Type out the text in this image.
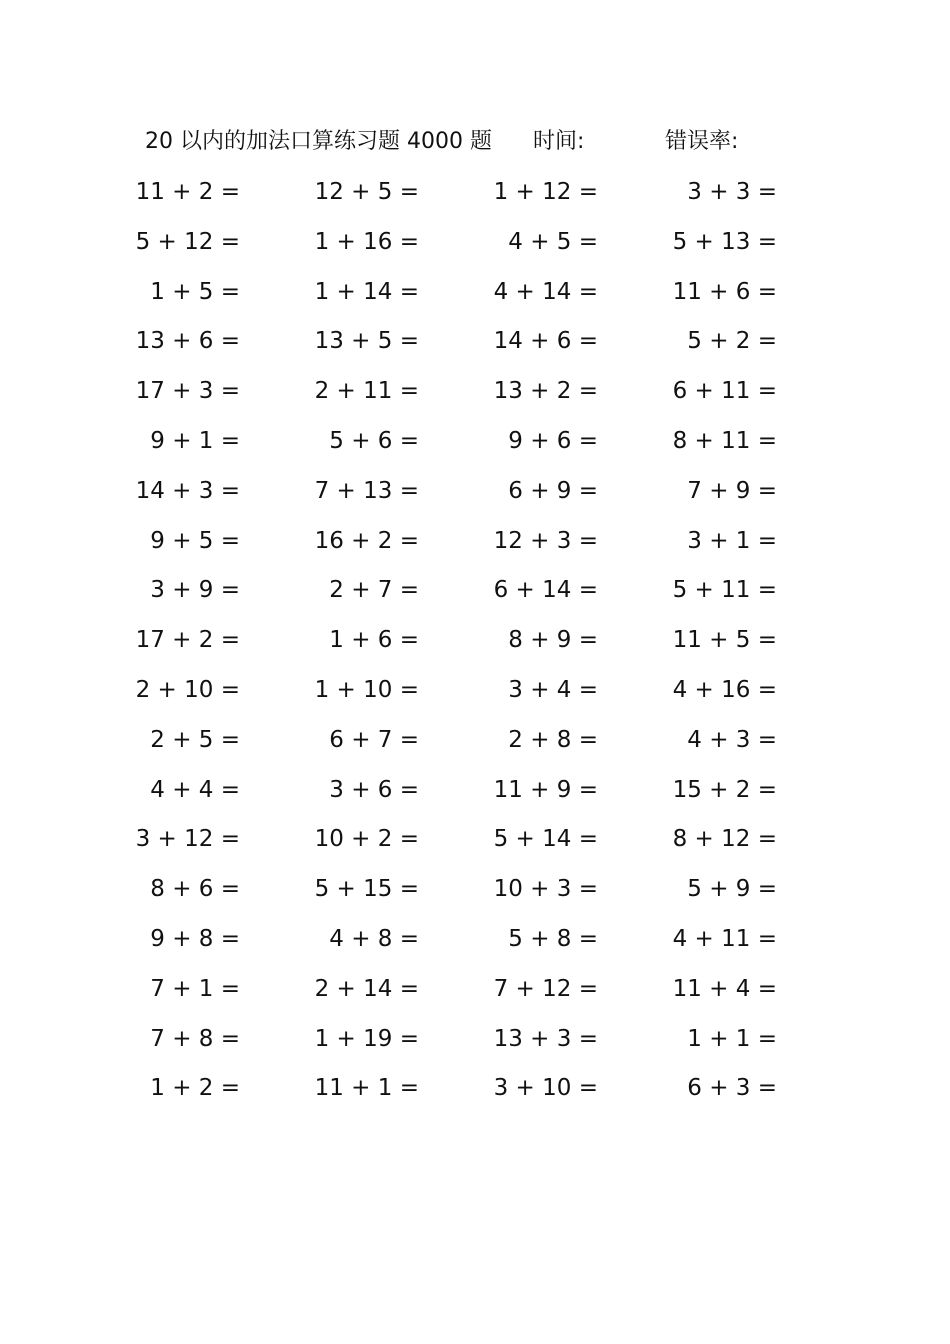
20 以内的加法口算练习题 4000 题 时间:	错误率:
11 + 2 =	12 + 5 =	1 + 12 =	3 + 3 =
5 + 12 =	1 + 16 =	4 + 5 =	5 + 13 =
1 + 5 =	1 + 14 =	4 + 14 =	11 + 6 =
13 + 6 =	13 + 5 =	14 + 6 =	5 + 2 =
17 + 3 =	2 + 11 =	13 + 2 =	6 + 11 =
9 + 1 =	5 + 6 =	9 + 6 =	8 + 11 =
14 + 3 =	7 + 13 =	6 + 9 =	7 + 9 =
9 + 5 =	16 + 2 =	12 + 3 =	3 + 1 =
3 + 9 =	2 + 7 =	6 + 14 =	5 + 11 =
17 + 2 =	1 + 6 =	8 + 9 =	11 + 5 =
2 + 10 =	1 + 10 =	3 + 4 =	4 + 16 =
2 + 5 =	6 + 7 =	2 + 8 =	4 + 3 =
4 + 4 =	3 + 6 =	11 + 9 =	15 + 2 =
3 + 12 =	10 + 2 =	5 + 14 =	8 + 12 =
8 + 6 =	5 + 15 =	10 + 3 =	5 + 9 =
9 + 8 =	4 + 8 =	5 + 8 =	4 + 11 =
7 + 1 =	2 + 14 =	7 + 12 =	11 + 4 =
7 + 8 =	1 + 19 =	13 + 3 =	1 + 1 =
1 + 2 =	11 + 1 =	3 + 10 =	6 + 3 =
